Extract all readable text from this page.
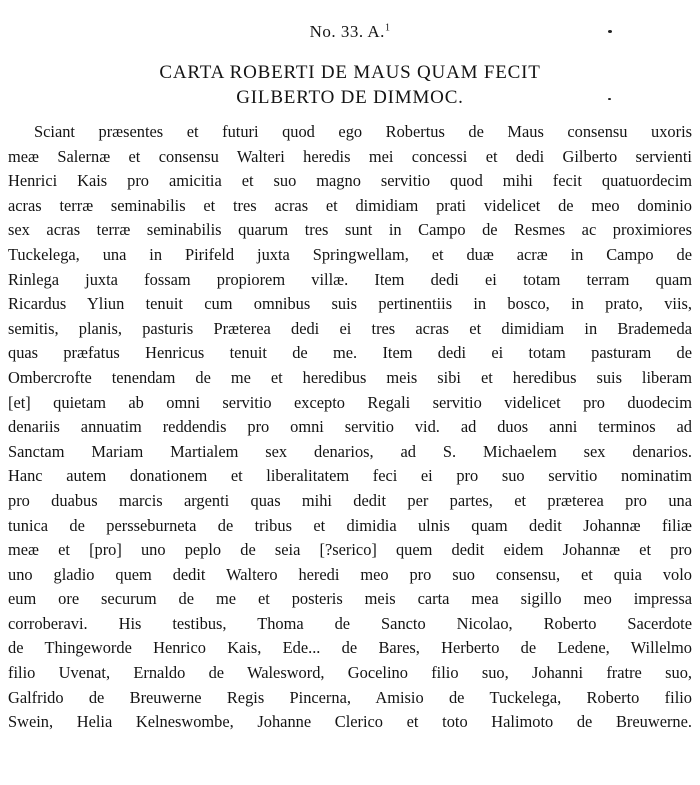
No. 33. A.$^1$
CARTA ROBERTI DE MAUS QUAM FECIT
GILBERTO DE DIMMOC.
Sciant præsentes et futuri quod ego Robertus de Maus consensu uxoris
meæ Salernæ et consensu Walteri heredis mei concessi et dedi Gilberto servienti
Henrici Kais pro amicitia et suo magno servitio quod mihi fecit quatuordecim
acras terræ seminabilis et tres acras et dimidiam prati videlicet de meo dominio
sex acras terræ seminabilis quarum tres sunt in Campo de Resmes ac proximiores
Tuckelega, una in Pirifeld juxta Springwellam, et duæ acræ in Campo de
Rinlega juxta fossam propiorem villæ. Item dedi ei totam terram quam
Ricardus Yliun tenuit cum omnibus suis pertinentiis in bosco, in prato, viis,
semitis, planis, pasturis Præterea dedi ei tres acras et dimidiam in Brademeda
quas præfatus Henricus tenuit de me. Item dedi ei totam pasturam de
Ombercrofte tenendam de me et heredibus meis sibi et heredibus suis liberam
[et] quietam ab omni servitio excepto Regali servitio videlicet pro duodecim
denariis annuatim reddendis pro omni servitio vid. ad duos anni terminos ad
Sanctam Mariam Martialem sex denarios, ad S. Michaelem sex denarios.
Hanc autem donationem et liberalitatem feci ei pro suo servitio nominatim
pro duabus marcis argenti quas mihi dedit per partes, et præterea pro una
tunica de persseburneta de tribus et dimidia ulnis quam dedit Johannæ filiæ
meæ et [pro] uno peplo de seia [?serico] quem dedit eidem Johannæ et pro
uno gladio quem dedit Waltero heredi meo pro suo consensu, et quia volo
eum ore securum de me et posteris meis carta mea sigillo meo impressa
corroberavi. His testibus, Thoma de Sancto Nicolao, Roberto Sacerdote
de Thingeworde Henrico Kais, Ede... de Bares, Herberto de Ledene, Willelmo
filio Uvenat, Ernaldo de Walesword, Gocelino filio suo, Johanni fratre suo,
Galfrido de Breuwerne Regis Pincerna, Amisio de Tuckelega, Roberto filio
Swein, Helia Kelneswombe, Johanne Clerico et toto Halimoto de Breuwerne.
